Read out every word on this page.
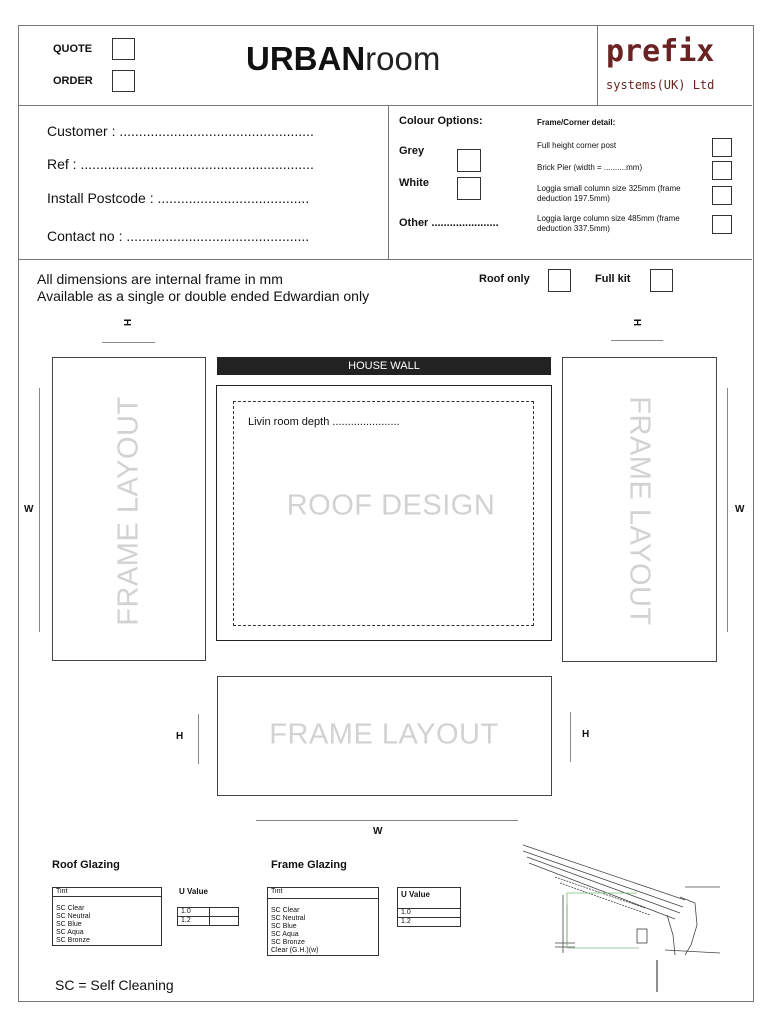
QUOTE
ORDER
URBANroom	prefix
systems(UK) Ltd
Customer : ..................................................
Ref : ............................................................
Install Postcode : .......................................
Contact no : ...............................................
Colour Options:
Grey
White
Other ......................
Frame/Corner detail:
Full height corner post
Brick Pier (width = ..........mm)
Loggia small column size 325mm (frame deduction 197.5mm)
Loggia large column size 485mm (frame deduction 337.5mm)
All dimensions are internal frame in mm
Available as a single or double ended Edwardian only
Roof only	Full kit
H	H
FRAME LAYOUT
W	FRAME LAYOUT	W
HOUSE WALL
Livin room depth ......................
ROOF DESIGN
FRAME LAYOUT
H	H
W
Roof Glazing
Tint

SC Clear
SC Neutral
SC Blue
SC Aqua
SC Bronze
U Value
1.0	
1.2	
Frame Glazing
Tint

SC Clear
SC Neutral
SC Blue
SC Aqua
SC Bronze
Clear (G.H.)(w)
U Value
1.0
1.2
SC = Self Cleaning
